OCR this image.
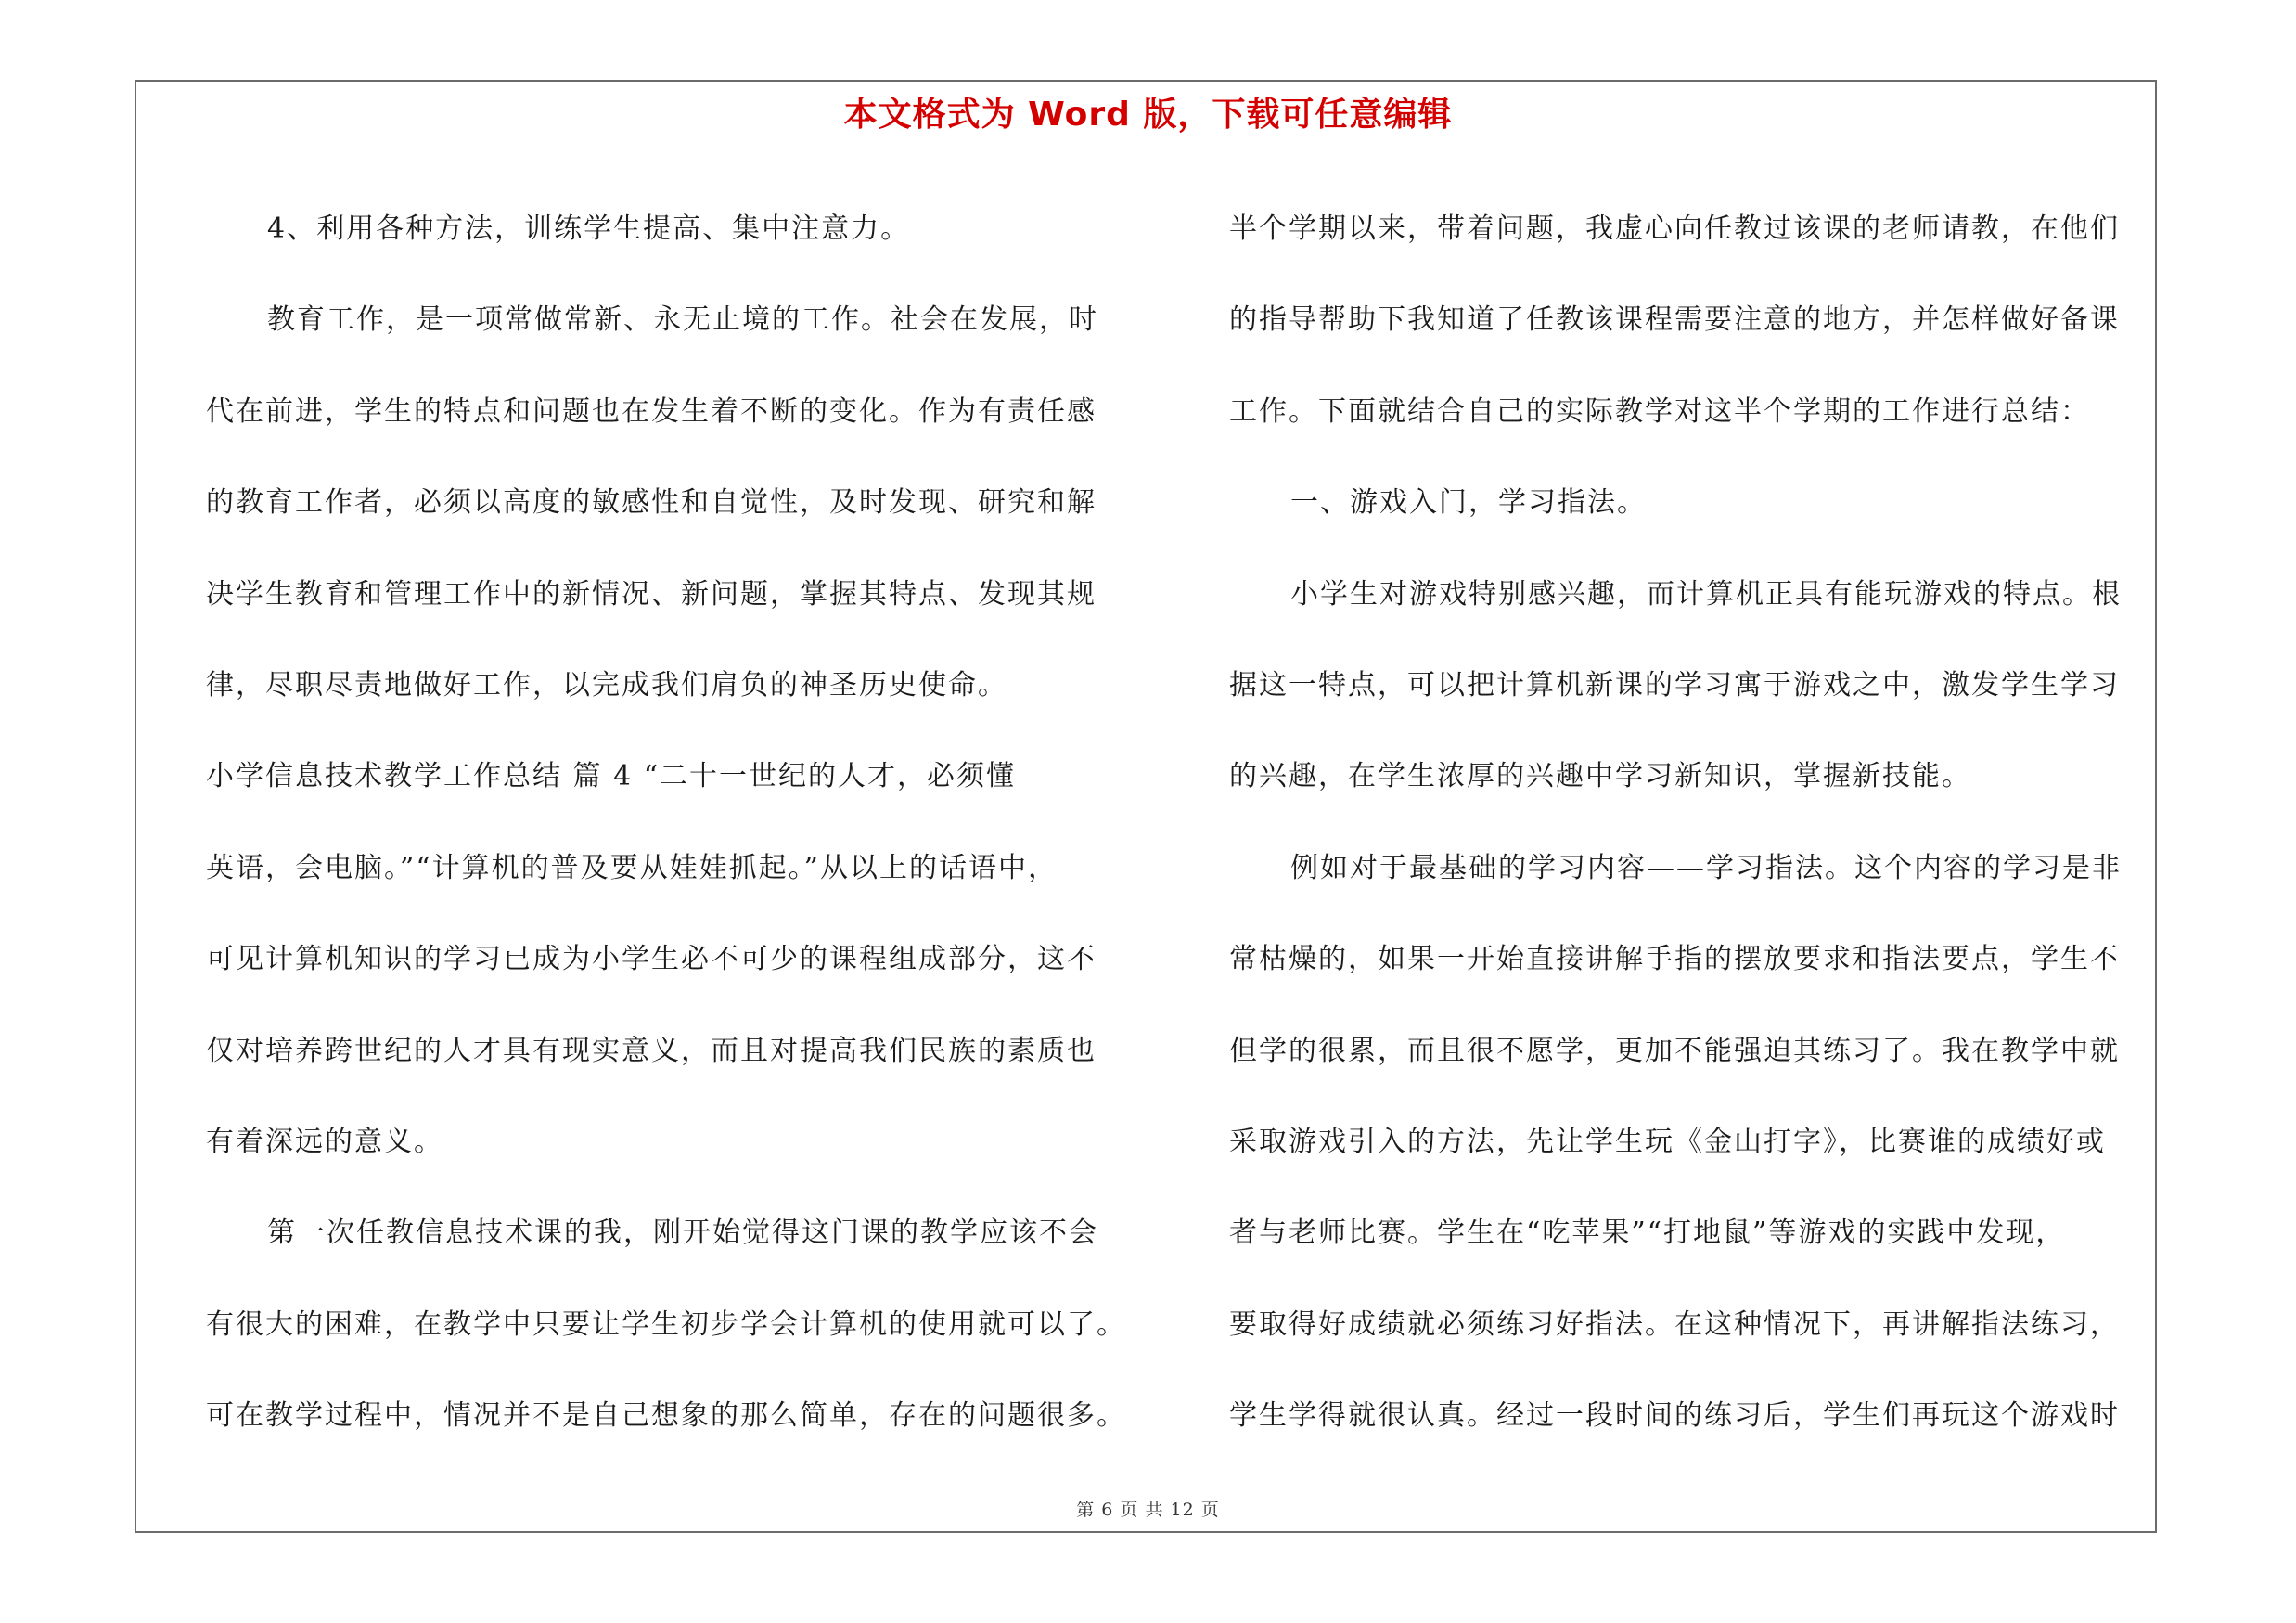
本文格式为 Word 版，下载可任意编辑
4、利用各种方法，训练学生提高、集中注意力。
教育工作，是一项常做常新、永无止境的工作。社会在发展，时
代在前进，学生的特点和问题也在发生着不断的变化。作为有责任感
的教育工作者，必须以高度的敏感性和自觉性，及时发现、研究和解
决学生教育和管理工作中的新情况、新问题，掌握其特点、发现其规
律，尽职尽责地做好工作，以完成我们肩负的神圣历史使命。
小学信息技术教学工作总结 篇 4 “二十一世纪的人才，必须懂
英语，会电脑。”“计算机的普及要从娃娃抓起。”从以上的话语中，
可见计算机知识的学习已成为小学生必不可少的课程组成部分，这不
仅对培养跨世纪的人才具有现实意义，而且对提高我们民族的素质也
有着深远的意义。
第一次任教信息技术课的我，刚开始觉得这门课的教学应该不会
有很大的困难，在教学中只要让学生初步学会计算机的使用就可以了。
可在教学过程中，情况并不是自己想象的那么简单，存在的问题很多。
半个学期以来，带着问题，我虚心向任教过该课的老师请教，在他们
的指导帮助下我知道了任教该课程需要注意的地方，并怎样做好备课
工作。下面就结合自己的实际教学对这半个学期的工作进行总结：
一、游戏入门，学习指法。
小学生对游戏特别感兴趣，而计算机正具有能玩游戏的特点。根
据这一特点，可以把计算机新课的学习寓于游戏之中，激发学生学习
的兴趣，在学生浓厚的兴趣中学习新知识，掌握新技能。
例如对于最基础的学习内容——学习指法。这个内容的学习是非
常枯燥的，如果一开始直接讲解手指的摆放要求和指法要点，学生不
但学的很累，而且很不愿学，更加不能强迫其练习了。我在教学中就
采取游戏引入的方法，先让学生玩《金山打字》，比赛谁的成绩好或
者与老师比赛。学生在“吃苹果”“打地鼠”等游戏的实践中发现，
要取得好成绩就必须练习好指法。在这种情况下，再讲解指法练习，
学生学得就很认真。经过一段时间的练习后，学生们再玩这个游戏时
第 6 页 共 12 页
